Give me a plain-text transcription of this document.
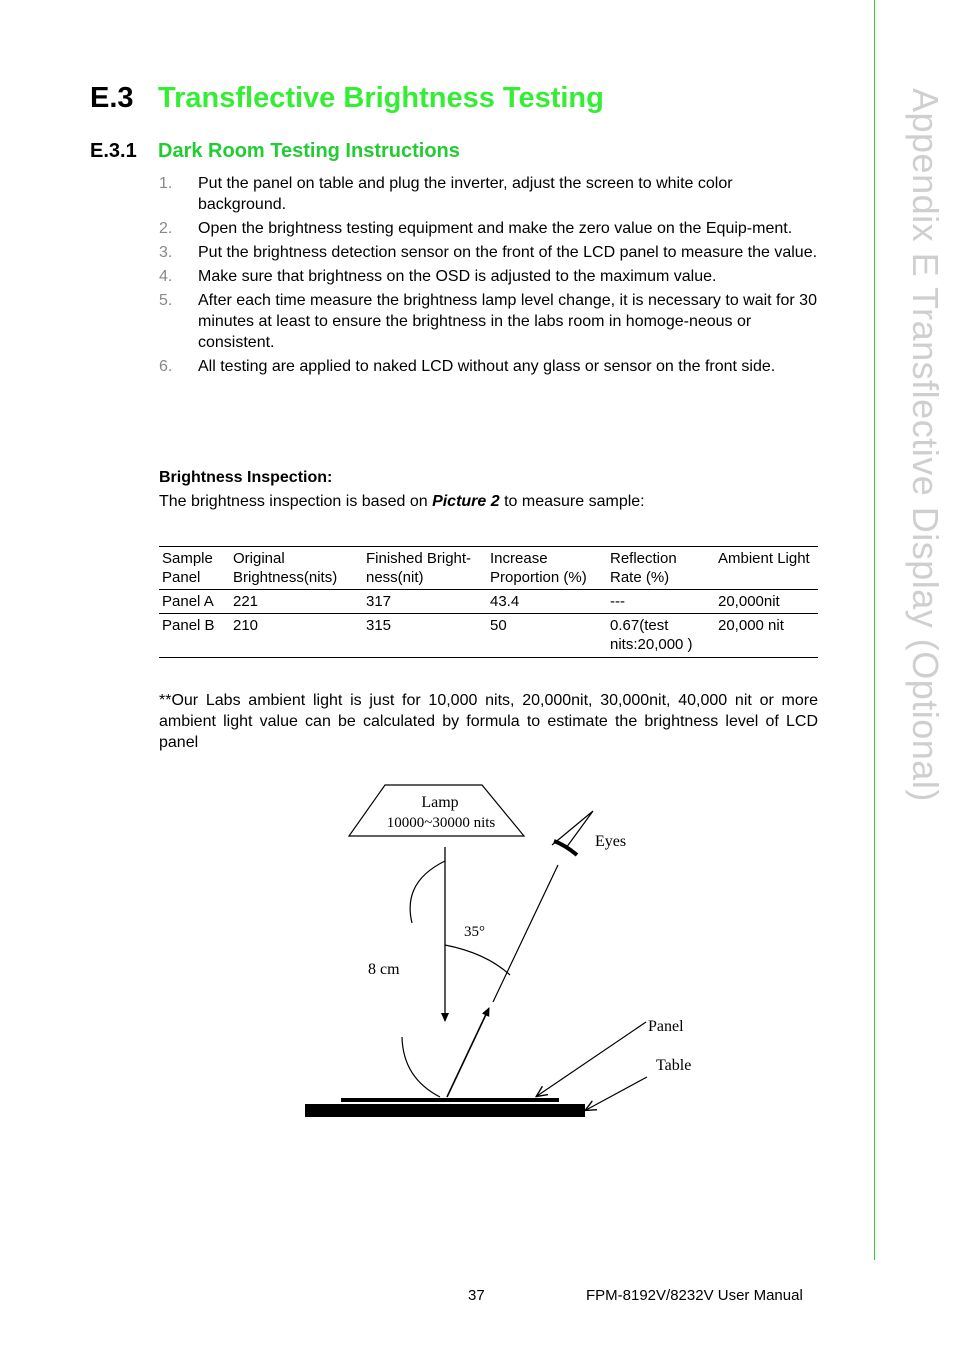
Appendix E Transflective Display (Optional)
E.3 Transflective Brightness Testing
E.3.1 Dark Room Testing Instructions
1. Put the panel on table and plug the inverter, adjust the screen to white color background.
2. Open the brightness testing equipment and make the zero value on the Equip-ment.
3. Put the brightness detection sensor on the front of the LCD panel to measure the value.
4. Make sure that brightness on the OSD is adjusted to the maximum value.
5. After each time measure the brightness lamp level change, it is necessary to wait for 30 minutes at least to ensure the brightness in the labs room in homoge-neous or consistent.
6. All testing are applied to naked LCD without any glass or sensor on the front side.
Brightness Inspection:
The brightness inspection is based on Picture 2 to measure sample:
Sample Panel	Original Brightness(nits)	Finished Bright-ness(nit)	Increase Proportion (%)	Reflection Rate (%)	Ambient Light
Panel A	221	317	43.4	---	20,000nit
Panel B	210	315	50	0.67(test nits:20,000 )	20,000 nit
**Our Labs ambient light is just for 10,000 nits, 20,000nit, 30,000nit, 40,000 nit or more ambient light value can be calculated by formula to estimate the brightness level of LCD panel
Lamp
10000~30000 nits
Eyes
35°
8 cm
Panel
Table
37	FPM-8192V/8232V User Manual
